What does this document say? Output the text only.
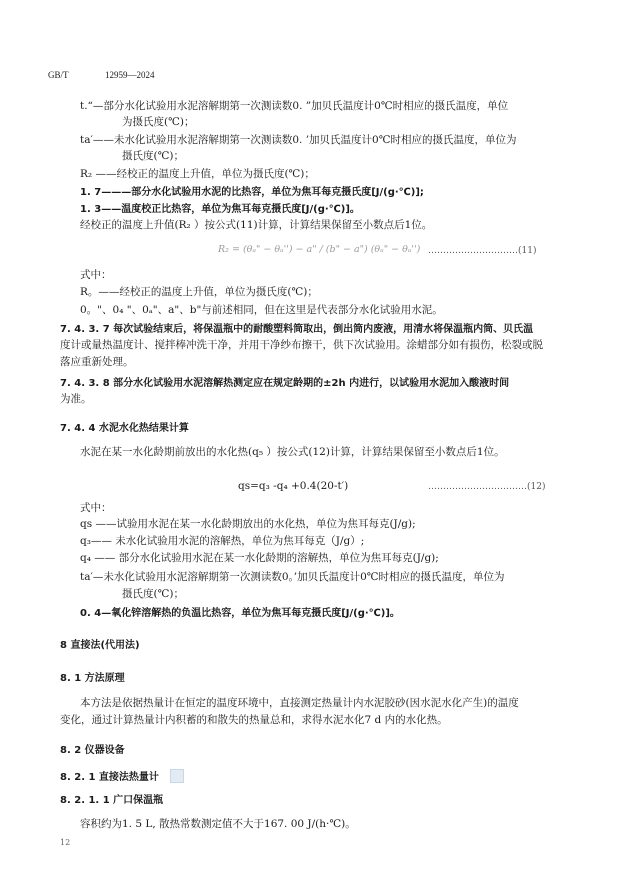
GB/T	12959—2024
t.“—部分水化试验用水泥溶解期第一次测读数0. ”加贝氏温度计0℃时相应的摄氏温度，单位
为摄氏度(℃)；
ta′——未水化试验用水泥溶解期第一次测读数0. ’加贝氏温度计0℃时相应的摄氏温度，单位为
摄氏度(℃)；
R₂ ——经校正的温度上升值，单位为摄氏度(℃)；
1. 7———部分水化试验用水泥的比热容，单位为焦耳每克摄氏度[J/(g·℃)];
1. 3——温度校正比热容，单位为焦耳每克摄氏度[J/(g·℃)]。
经校正的温度上升值(R₂ ）按公式(11)计算，计算结果保留至小数点后1位。
R₂ = (θₐ" − θₐ'') − a" / (b" − a") (θₐ" − θₐ'') …………………………(11)
式中：
R。——经校正的温度上升值，单位为摄氏度(℃)；
0。"、0₄ "、0ₐ"、a"、b"与前述相同，但在这里是代表部分水化试验用水泥。
7. 4. 3. 7 每次试验结束后，将保温瓶中的耐酸塑料筒取出，倒出筒内废液，用清水将保温瓶内筒、贝氏温
度计或量热温度计、搅拌棒冲洗干净，并用干净纱布擦干，供下次试验用。涂蜡部分如有损伤，松裂或脱
落应重新处理。
7. 4. 3. 8 部分水化试验用水泥溶解热测定应在规定龄期的±2h 内进行，以试验用水泥加入酸液时间
为准。
7. 4. 4 水泥水化热结果计算
水泥在某一水化龄期前放出的水化热(q₅ ）按公式(12)计算，计算结果保留至小数点后1位。
qs=q₃ -q₄ +0.4(20-t′)	……………………………(12)
式中：
qs ——试验用水泥在某一水化龄期放出的水化热，单位为焦耳每克(J/g);
q₃—— 未水化试验用水泥的溶解热，单位为焦耳每克（J/g）;
q₄ —— 部分水化试验用水泥在某一水化龄期的溶解热，单位为焦耳每克(J/g);
ta′—未水化试验用水泥溶解期第一次测读数0。’加贝氏温度计0℃时相应的摄氏温度，单位为
摄氏度(℃)；
0. 4—氧化锌溶解热的负温比热容，单位为焦耳每克摄氏度[J/(g·℃)]。
8 直接法(代用法)
8. 1 方法原理
本方法是依据热量计在恒定的温度环境中，直接测定热量计内水泥胶砂(因水泥水化产生)的温度
变化，通过计算热量计内积蓄的和散失的热量总和，求得水泥水化7 d 内的水化热。
8. 2 仪器设备
8. 2. 1 直接法热量计
8. 2. 1. 1 广口保温瓶
容积约为1. 5 L, 散热常数测定值不大于167. 00 J/(h·℃)。
12
